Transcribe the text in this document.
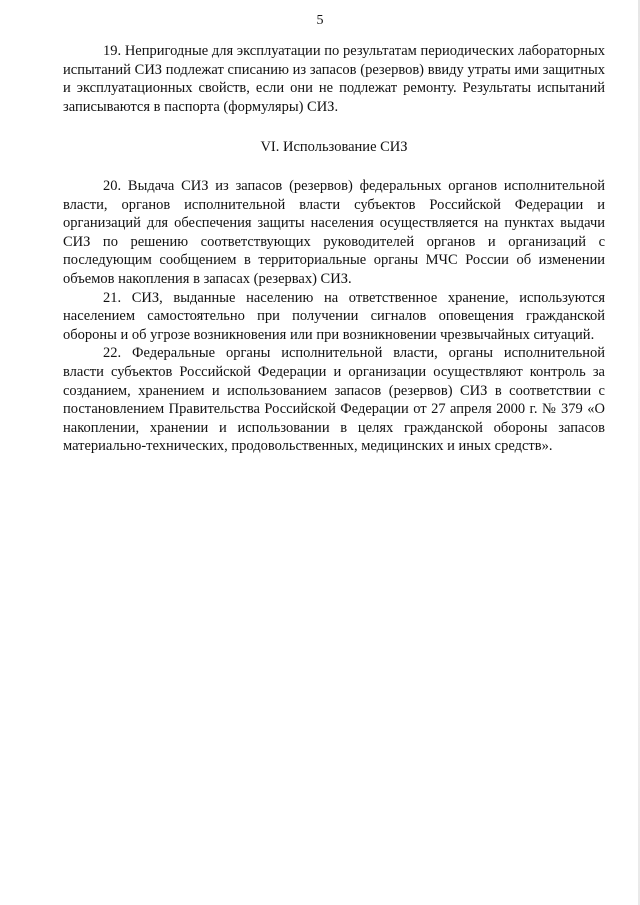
5

19. Непригодные для эксплуатации по результатам периодических лабораторных испытаний СИЗ подлежат списанию из запасов (резервов) ввиду утраты ими защитных и эксплуатационных свойств, если они не подлежат ремонту. Результаты испытаний записываются в паспорта (формуляры) СИЗ.

VI. Использование СИЗ

20. Выдача СИЗ из запасов (резервов) федеральных органов исполнительной власти, органов исполнительной власти субъектов Российской Федерации и организаций для обеспечения защиты населения осуществляется на пунктах выдачи СИЗ по решению соответствующих руководителей органов и организаций с последующим сообщением в территориальные органы МЧС России об изменении объемов накопления в запасах (резервах) СИЗ.

21. СИЗ, выданные населению на ответственное хранение, используются населением самостоятельно при получении сигналов оповещения гражданской обороны и об угрозе возникновения или при возникновении чрезвычайных ситуаций.

22. Федеральные органы исполнительной власти, органы исполнительной власти субъектов Российской Федерации и организации осуществляют контроль за созданием, хранением и использованием запасов (резервов) СИЗ в соответствии с постановлением Правительства Российской Федерации от 27 апреля 2000 г. № 379 «О накоплении, хранении и использовании в целях гражданской обороны запасов материально-технических, продовольственных, медицинских и иных средств».
